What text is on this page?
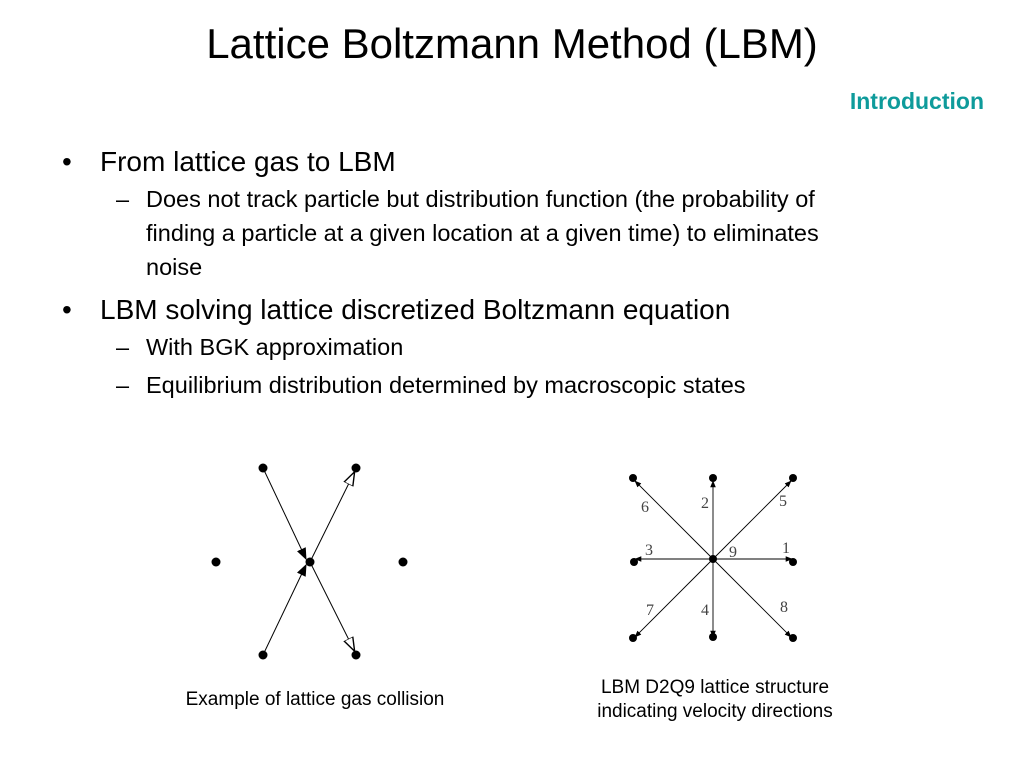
Lattice Boltzmann Method (LBM)
Introduction
• From lattice gas to LBM
– Does not track particle but distribution function (the probability of finding a particle at a given location at a given time) to eliminates noise
• LBM solving lattice discretized Boltzmann equation
– With BGK approximation
– Equilibrium distribution determined by macroscopic states
Example of lattice gas collision
1
2
3
4
5
6
7	8
9
LBM D2Q9 lattice structure
indicating velocity directions
